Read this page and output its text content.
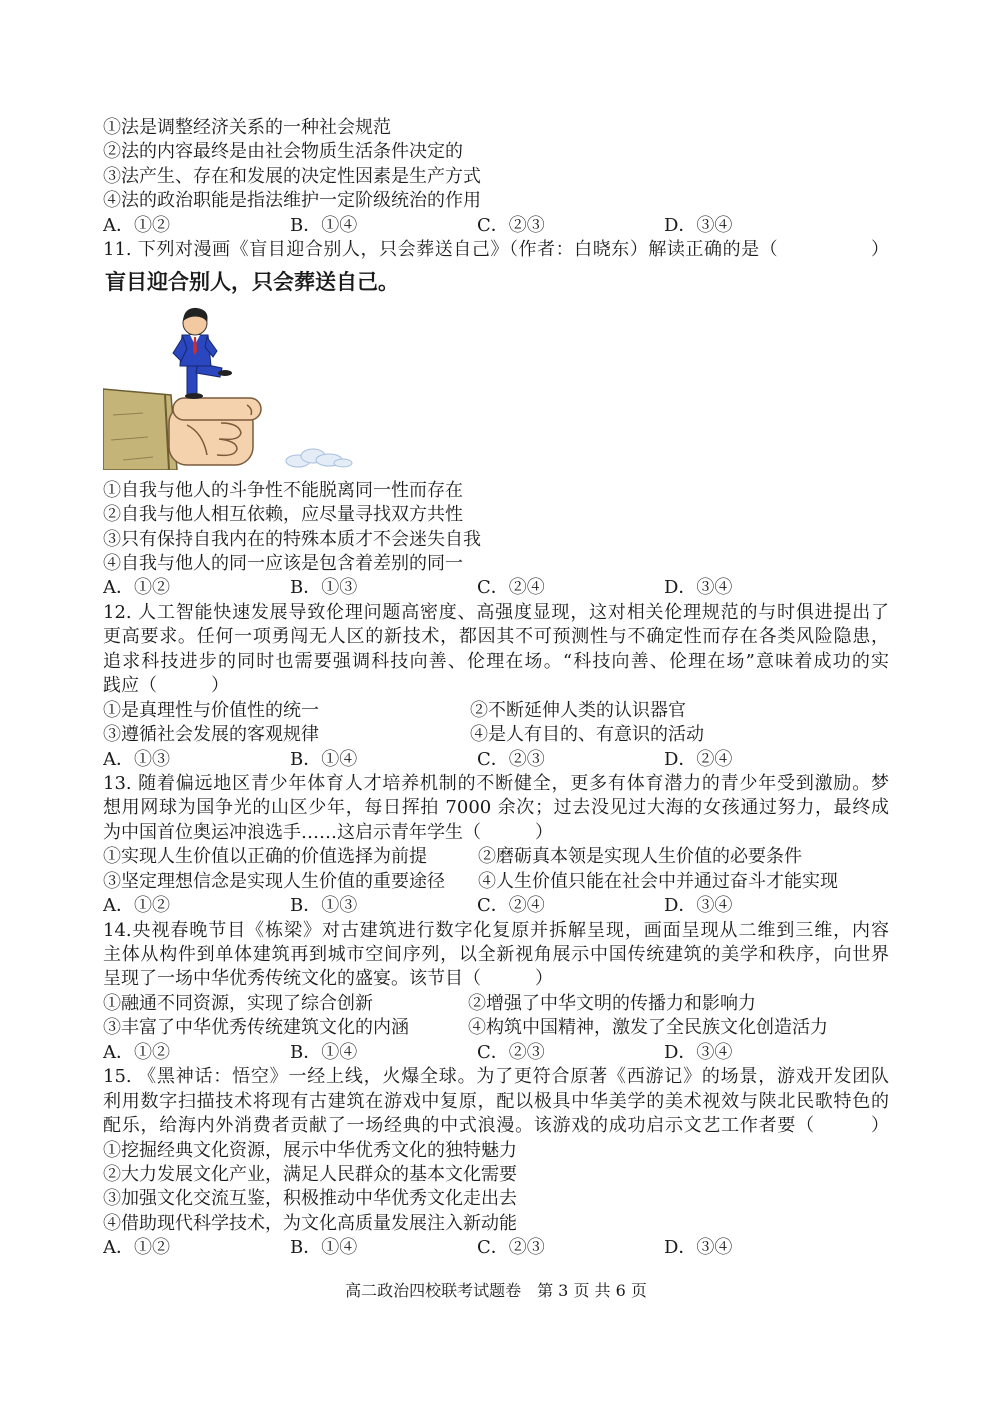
①法是调整经济关系的一种社会规范
②法的内容最终是由社会物质生活条件决定的
③法产生、存在和发展的决定性因素是生产方式
④法的政治职能是指法维护一定阶级统治的作用
A．①②	B．①④	C．②③	D．③④
11. 下列对漫画《盲目迎合别人，只会葬送自己》（作者：白晓东）解读正确的是（　　　　　）
盲目迎合别人，只会葬送自己。
①自我与他人的斗争性不能脱离同一性而存在
②自我与他人相互依赖，应尽量寻找双方共性
③只有保持自我内在的特殊本质才不会迷失自我
④自我与他人的同一应该是包含着差别的同一
A．①②	B．①③	C．②④	D．③④
12. 人工智能快速发展导致伦理问题高密度、高强度显现，这对相关伦理规范的与时俱进提出了
更高要求。任何一项勇闯无人区的新技术，都因其不可预测性与不确定性而存在各类风险隐患，
追求科技进步的同时也需要强调科技向善、伦理在场。“科技向善、伦理在场”意味着成功的实
践应（　　　）
①是真理性与价值性的统一	②不断延伸人类的认识器官
③遵循社会发展的客观规律	④是人有目的、有意识的活动
A．①③	B．①④	C．②③	D．②④
13. 随着偏远地区青少年体育人才培养机制的不断健全，更多有体育潜力的青少年受到激励。梦
想用网球为国争光的山区少年，每日挥拍 7000 余次；过去没见过大海的女孩通过努力，最终成
为中国首位奥运冲浪选手……这启示青年学生（　　　）
①实现人生价值以正确的价值选择为前提	②磨砺真本领是实现人生价值的必要条件
③坚定理想信念是实现人生价值的重要途径 ④人生价值只能在社会中并通过奋斗才能实现
A．①②	B．①③	C．②④	D．③④
14.央视春晚节目《栋梁》对古建筑进行数字化复原并拆解呈现，画面呈现从二维到三维，内容
主体从构件到单体建筑再到城市空间序列，以全新视角展示中国传统建筑的美学和秩序，向世界
呈现了一场中华优秀传统文化的盛宴。该节目（　　　）
①融通不同资源，实现了综合创新	②增强了中华文明的传播力和影响力
③丰富了中华优秀传统建筑文化的内涵	④构筑中国精神，激发了全民族文化创造活力
A．①②	B．①④	C．②③	D．③④
15. 《黑神话：悟空》一经上线，火爆全球。为了更符合原著《西游记》的场景，游戏开发团队
利用数字扫描技术将现有古建筑在游戏中复原，配以极具中华美学的美术视效与陕北民歌特色的
配乐，给海内外消费者贡献了一场经典的中式浪漫。该游戏的成功启示文艺工作者要（　　　）
①挖掘经典文化资源，展示中华优秀文化的独特魅力
②大力发展文化产业，满足人民群众的基本文化需要
③加强文化交流互鉴，积极推动中华优秀文化走出去
④借助现代科学技术，为文化高质量发展注入新动能
A．①②	B．①④	C．②③	D．③④
高二政治四校联考试题卷　第 3 页 共 6 页
